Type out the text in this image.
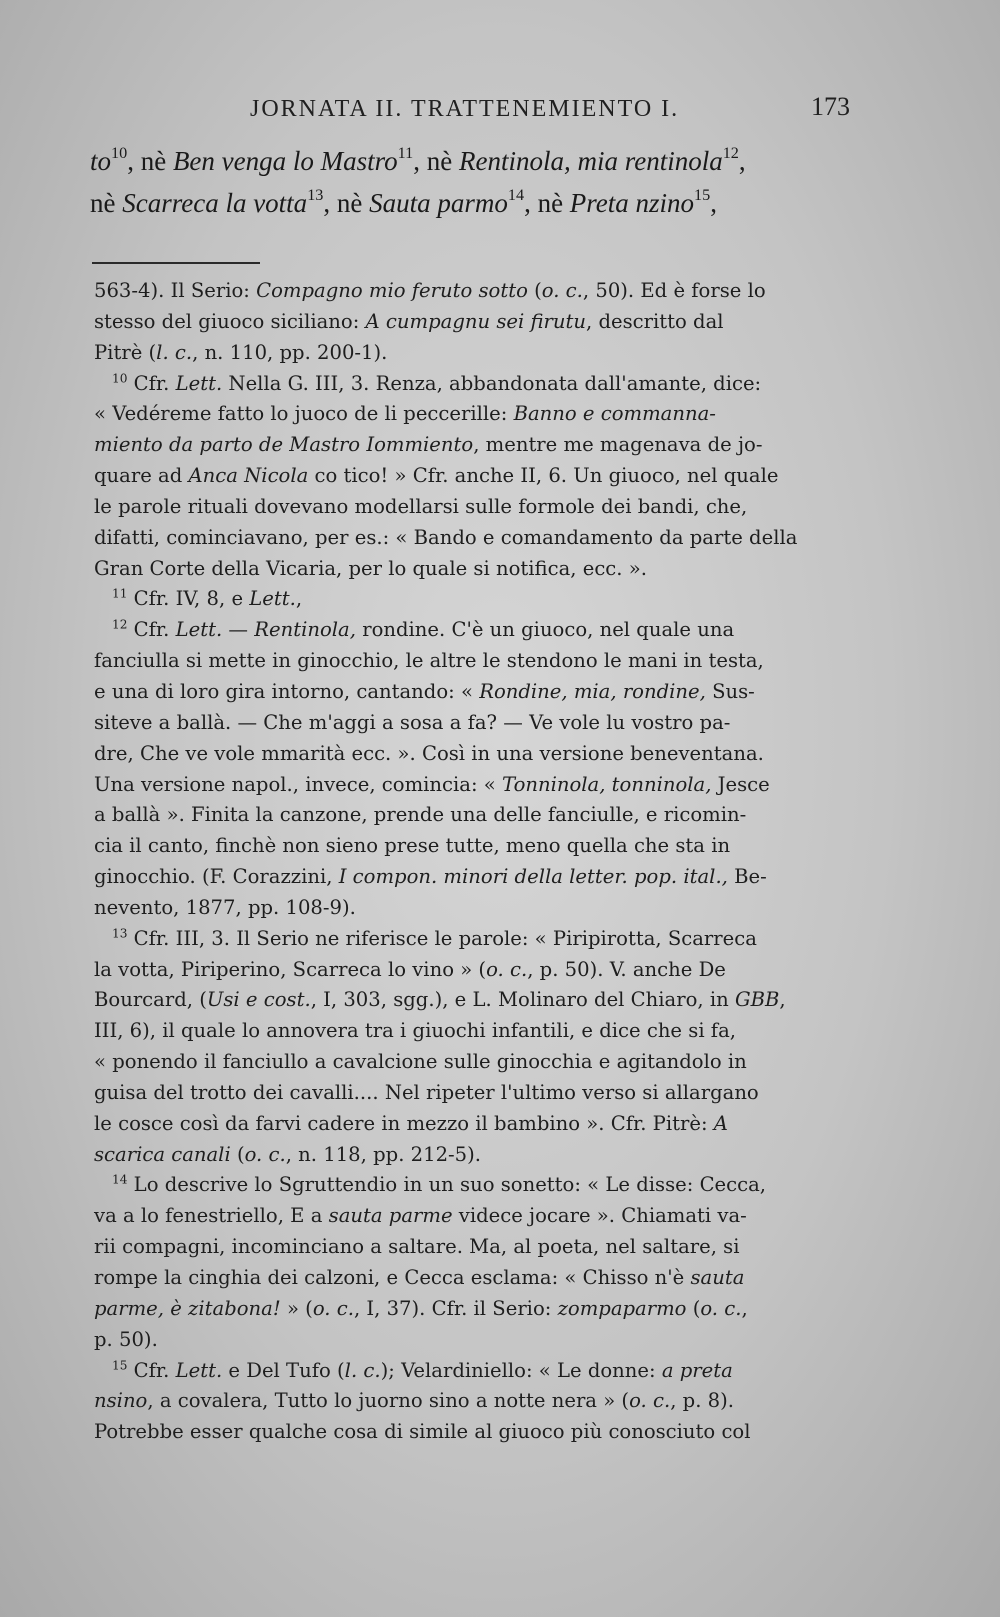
JORNATA II. TRATTENEMIENTO I.	173

$to^{10}$, nè Ben venga lo Mastro$^{11}$, nè Rentinola, mia rentinola$^{12}$,
nè Scarreca la votta$^{13}$, nè Sauta parmo$^{14}$, nè Preta nzino$^{15}$,

563-4). Il Serio: Compagno mio feruto sotto (o. c., 50). Ed è forse lo
stesso del giuoco siciliano: A cumpagnu sei firutu, descritto dal
Pitrè (l. c., n. 110, pp. 200-1).
$^{10}$ Cfr. Lett. Nella G. III, 3. Renza, abbandonata dall'amante, dice:
« Vedéreme fatto lo juoco de li peccerille: Banno e commanna-
miento da parto de Mastro Iommiento, mentre me magenava de jo-
quare ad Anca Nicola co tico! » Cfr. anche II, 6. Un giuoco, nel quale
le parole rituali dovevano modellarsi sulle formole dei bandi, che,
difatti, cominciavano, per es.: « Bando e comandamento da parte della
Gran Corte della Vicaria, per lo quale si notifica, ecc. ».
$^{11}$ Cfr. IV, 8, e Lett.,
$^{12}$ Cfr. Lett. — Rentinola, rondine. C'è un giuoco, nel quale una
fanciulla si mette in ginocchio, le altre le stendono le mani in testa,
e una di loro gira intorno, cantando: « Rondine, mia, rondine, Sus-
siteve a ballà. — Che m'aggi a sosa a fa? — Ve vole lu vostro pa-
dre, Che ve vole mmarità ecc. ». Così in una versione beneventana.
Una versione napol., invece, comincia: « Tonninola, tonninola, Jesce
a ballà ». Finita la canzone, prende una delle fanciulle, e ricomin-
cia il canto, finchè non sieno prese tutte, meno quella che sta in
ginocchio. (F. Corazzini, I compon. minori della letter. pop. ital., Be-
nevento, 1877, pp. 108-9).
$^{13}$ Cfr. III, 3. Il Serio ne riferisce le parole: « Piripirotta, Scarreca
la votta, Piriperino, Scarreca lo vino » (o. c., p. 50). V. anche De
Bourcard, (Usi e cost., I, 303, sgg.), e L. Molinaro del Chiaro, in GBB,
III, 6), il quale lo annovera tra i giuochi infantili, e dice che si fa,
« ponendo il fanciullo a cavalcione sulle ginocchia e agitandolo in
guisa del trotto dei cavalli.... Nel ripeter l'ultimo verso si allargano
le cosce così da farvi cadere in mezzo il bambino ». Cfr. Pitrè: A
scarica canali (o. c., n. 118, pp. 212-5).
$^{14}$ Lo descrive lo Sgruttendio in un suo sonetto: « Le disse: Cecca,
va a lo fenestriello, E a sauta parme videce jocare ». Chiamati va-
rii compagni, incominciano a saltare. Ma, al poeta, nel saltare, si
rompe la cinghia dei calzoni, e Cecca esclama: « Chisso n'è sauta
parme, è zitabona! » (o. c., I, 37). Cfr. il Serio: zompaparmo (o. c.,
p. 50).
$^{15}$ Cfr. Lett. e Del Tufo (l. c.); Velardiniello: « Le donne: a preta
nsino, a covalera, Tutto lo juorno sino a notte nera » (o. c., p. 8).
Potrebbe esser qualche cosa di simile al giuoco più conosciuto col
